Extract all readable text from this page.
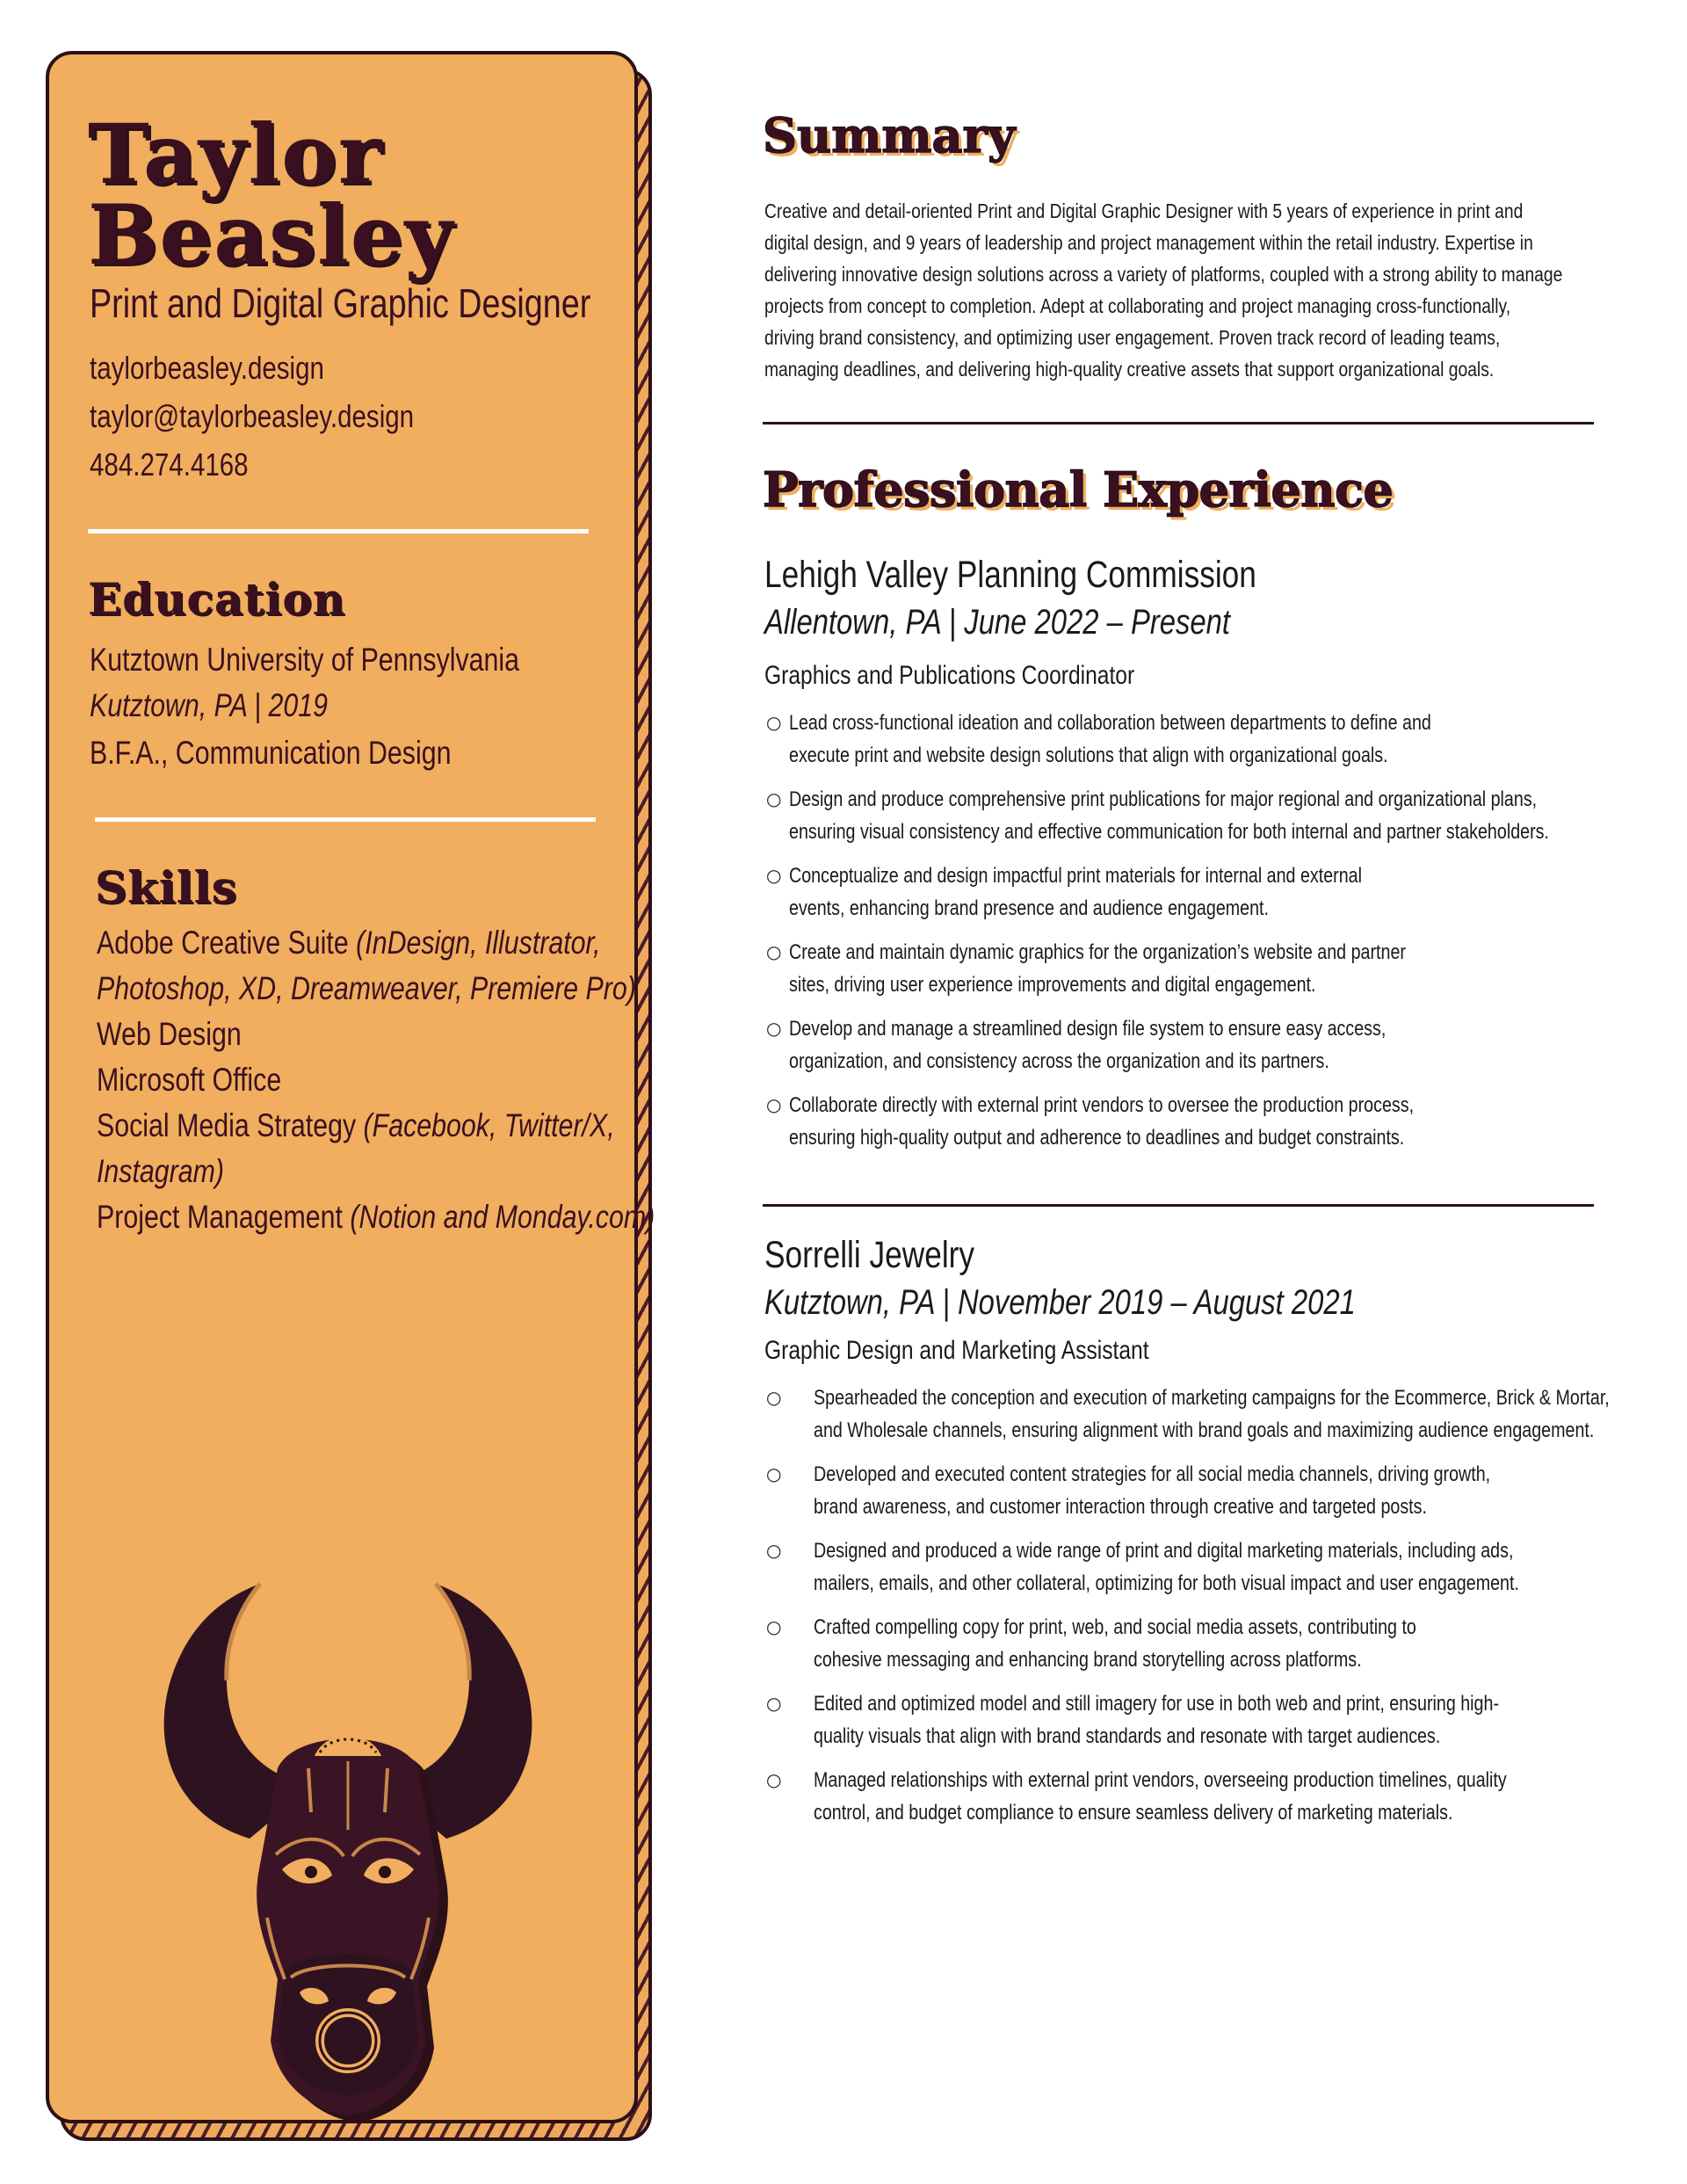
Taylor
Beasley

Print and Digital Graphic Designer

taylorbeasley.design

taylor@taylorbeasley.design

484.274.4168

Education

Kutztown University of Pennsylvania

Kutztown, PA | 2019

B.F.A., Communication Design

Skills

Adobe Creative Suite (InDesign, Illustrator,

Photoshop, XD, Dreamweaver, Premiere Pro)

Web Design

Microsoft Office

Social Media Strategy (Facebook, Twitter/X,

Instagram)

Project Management (Notion and Monday.com)

Summary
Creative and detail-oriented Print and Digital Graphic Designer with 5 years of experience in print and
digital design, and 9 years of leadership and project management within the retail industry. Expertise in
delivering innovative design solutions across a variety of platforms, coupled with a strong ability to manage
projects from concept to completion. Adept at collaborating and project managing cross-functionally,
driving brand consistency, and optimizing user engagement. Proven track record of leading teams,
managing deadlines, and delivering high-quality creative assets that support organizational goals.
Professional Experience
Lehigh Valley Planning Commission

Allentown, PA | June 2022 – Present

Graphics and Publications Coordinator

○ Lead cross-functional ideation and collaboration between departments to define and
execute print and website design solutions that align with organizational goals.
○ Design and produce comprehensive print publications for major regional and organizational plans,
ensuring visual consistency and effective communication for both internal and partner stakeholders.
○ Conceptualize and design impactful print materials for internal and external
events, enhancing brand presence and audience engagement.
○ Create and maintain dynamic graphics for the organization’s website and partner
sites, driving user experience improvements and digital engagement.
○ Develop and manage a streamlined design file system to ensure easy access,
organization, and consistency across the organization and its partners.
○ Collaborate directly with external print vendors to oversee the production process,
ensuring high-quality output and adherence to deadlines and budget constraints.
Sorrelli Jewelry

Kutztown, PA | November 2019 – August 2021

Graphic Design and Marketing Assistant

○ Spearheaded the conception and execution of marketing campaigns for the Ecommerce, Brick & Mortar,
and Wholesale channels, ensuring alignment with brand goals and maximizing audience engagement.
○ Developed and executed content strategies for all social media channels, driving growth,
brand awareness, and customer interaction through creative and targeted posts.
○ Designed and produced a wide range of print and digital marketing materials, including ads,
mailers, emails, and other collateral, optimizing for both visual impact and user engagement.
○ Crafted compelling copy for print, web, and social media assets, contributing to
cohesive messaging and enhancing brand storytelling across platforms.
○ Edited and optimized model and still imagery for use in both web and print, ensuring high-
quality visuals that align with brand standards and resonate with target audiences.
○ Managed relationships with external print vendors, overseeing production timelines, quality
control, and budget compliance to ensure seamless delivery of marketing materials.
